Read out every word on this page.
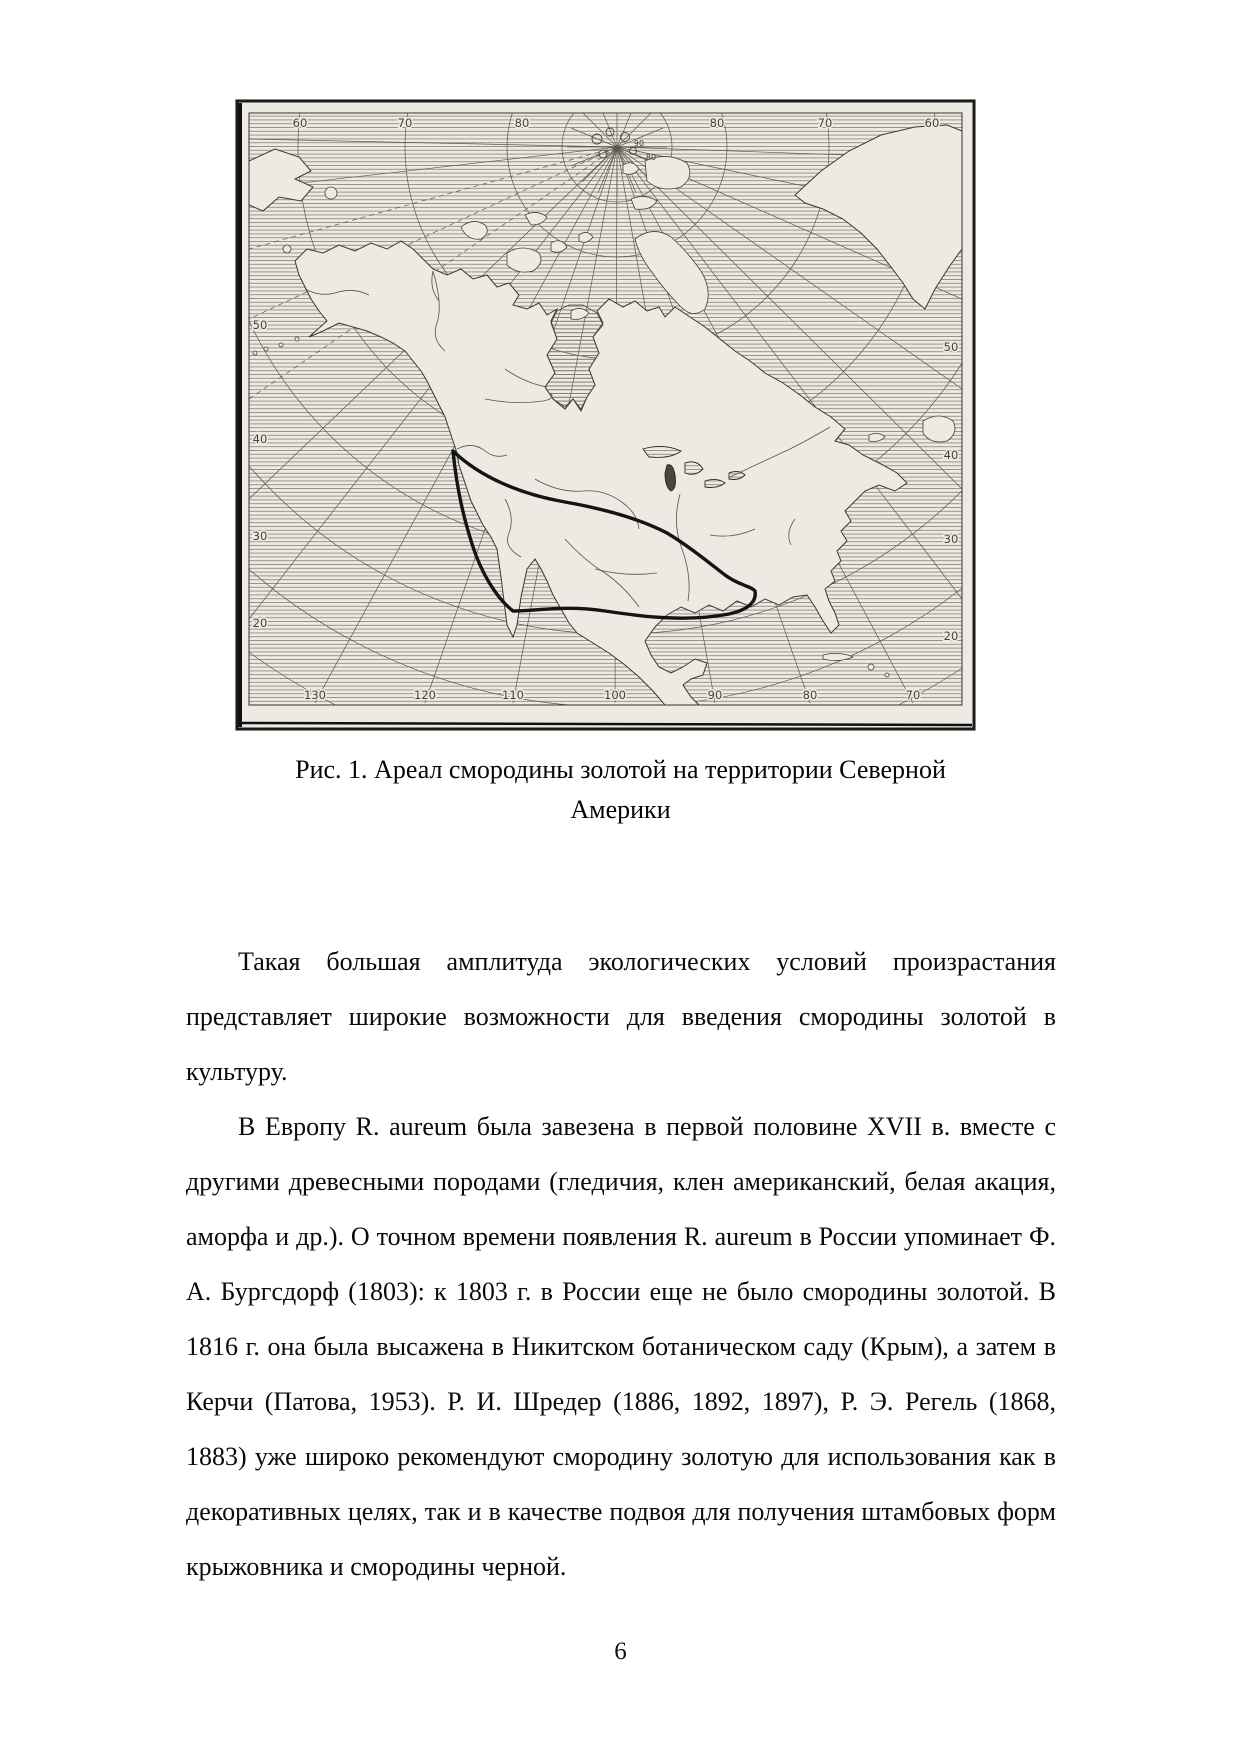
60	70	80	80	70	60
130	120	110	100	90	80	70
50
40
30
20
50
40
30
20
90
80
Рис. 1. Ареал смородины золотой на территории Северной
Америки

Такая большая амплитуда экологических условий произрастания представляет широкие возможности для введения смородины золотой в культуру.

В Европу R. aureum была завезена в первой половине XVII в. вместе с другими древесными породами (гледичия, клен американский, белая акация, аморфа и др.). О точном времени появления R. aureum в России упоминает Ф. А. Бургсдорф (1803): к 1803 г. в России еще не было смородины золотой. В 1816 г. она была высажена в Никитском ботаническом саду (Крым), а затем в Керчи (Патова, 1953). Р. И. Шредер (1886, 1892, 1897), Р. Э. Регель (1868, 1883) уже широко рекомендуют смородину золотую для использования как в декоративных целях, так и в качестве подвоя для получения штамбовых форм крыжовника и смородины черной.

6
